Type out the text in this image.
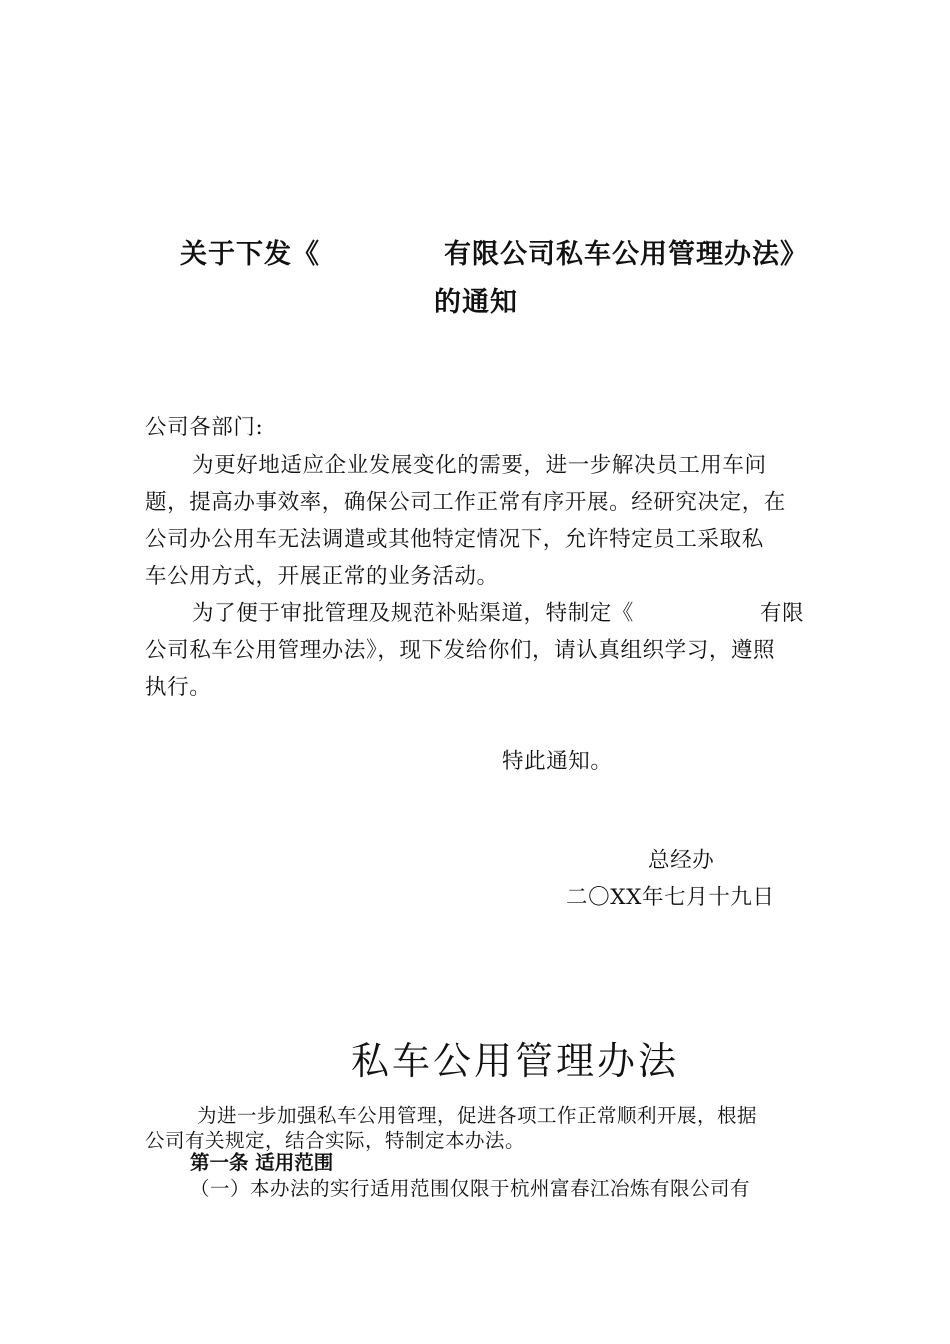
关于下发《	有限公司私车公用管理办法》
的通知
公司各部门:
为更好地适应企业发展变化的需要，进一步解决员工用车问
题，提高办事效率，确保公司工作正常有序开展。经研究决定，在
公司办公用车无法调遣或其他特定情况下，允许特定员工采取私
车公用方式，开展正常的业务活动。
为了便于审批管理及规范补贴渠道，特制定《	有限
公司私车公用管理办法》，现下发给你们，请认真组织学习，遵照
执行。
特此通知。
总经办
二〇XX年七月十九日
私车公用管理办法
为进一步加强私车公用管理，促进各项工作正常顺利开展，根据
公司有关规定，结合实际，特制定本办法。
第一条 适用范围
（一）本办法的实行适用范围仅限于杭州富春江冶炼有限公司有
